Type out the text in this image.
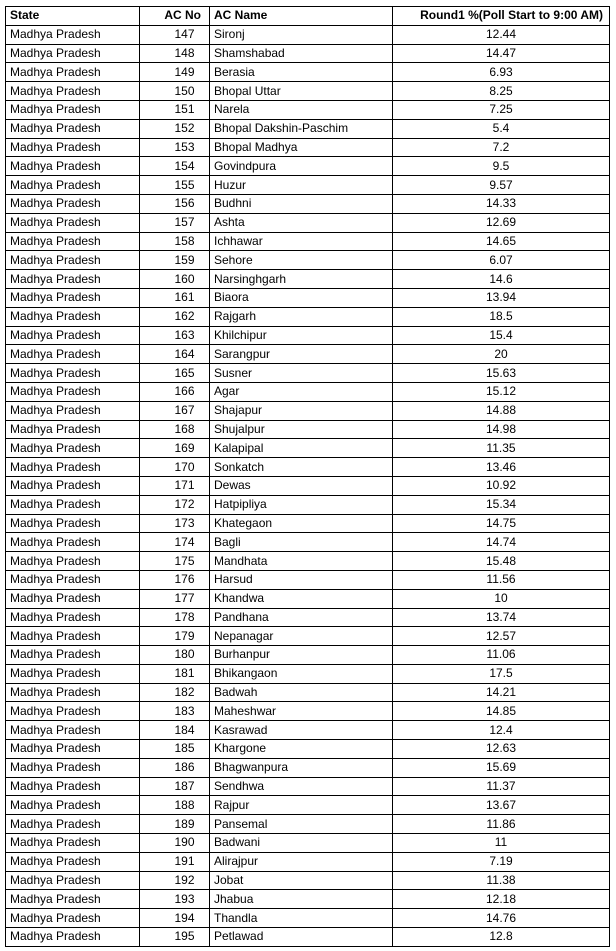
State	AC No	AC Name	Round1 %(Poll Start to 9:00 AM)
Madhya Pradesh	147	Sironj	12.44
Madhya Pradesh	148	Shamshabad	14.47
Madhya Pradesh	149	Berasia	6.93
Madhya Pradesh	150	Bhopal Uttar	8.25
Madhya Pradesh	151	Narela	7.25
Madhya Pradesh	152	Bhopal Dakshin-Paschim	5.4
Madhya Pradesh	153	Bhopal Madhya	7.2
Madhya Pradesh	154	Govindpura	9.5
Madhya Pradesh	155	Huzur	9.57
Madhya Pradesh	156	Budhni	14.33
Madhya Pradesh	157	Ashta	12.69
Madhya Pradesh	158	Ichhawar	14.65
Madhya Pradesh	159	Sehore	6.07
Madhya Pradesh	160	Narsinghgarh	14.6
Madhya Pradesh	161	Biaora	13.94
Madhya Pradesh	162	Rajgarh	18.5
Madhya Pradesh	163	Khilchipur	15.4
Madhya Pradesh	164	Sarangpur	20
Madhya Pradesh	165	Susner	15.63
Madhya Pradesh	166	Agar	15.12
Madhya Pradesh	167	Shajapur	14.88
Madhya Pradesh	168	Shujalpur	14.98
Madhya Pradesh	169	Kalapipal	11.35
Madhya Pradesh	170	Sonkatch	13.46
Madhya Pradesh	171	Dewas	10.92
Madhya Pradesh	172	Hatpipliya	15.34
Madhya Pradesh	173	Khategaon	14.75
Madhya Pradesh	174	Bagli	14.74
Madhya Pradesh	175	Mandhata	15.48
Madhya Pradesh	176	Harsud	11.56
Madhya Pradesh	177	Khandwa	10
Madhya Pradesh	178	Pandhana	13.74
Madhya Pradesh	179	Nepanagar	12.57
Madhya Pradesh	180	Burhanpur	11.06
Madhya Pradesh	181	Bhikangaon	17.5
Madhya Pradesh	182	Badwah	14.21
Madhya Pradesh	183	Maheshwar	14.85
Madhya Pradesh	184	Kasrawad	12.4
Madhya Pradesh	185	Khargone	12.63
Madhya Pradesh	186	Bhagwanpura	15.69
Madhya Pradesh	187	Sendhwa	11.37
Madhya Pradesh	188	Rajpur	13.67
Madhya Pradesh	189	Pansemal	11.86
Madhya Pradesh	190	Badwani	11
Madhya Pradesh	191	Alirajpur	7.19
Madhya Pradesh	192	Jobat	11.38
Madhya Pradesh	193	Jhabua	12.18
Madhya Pradesh	194	Thandla	14.76
Madhya Pradesh	195	Petlawad	12.8
